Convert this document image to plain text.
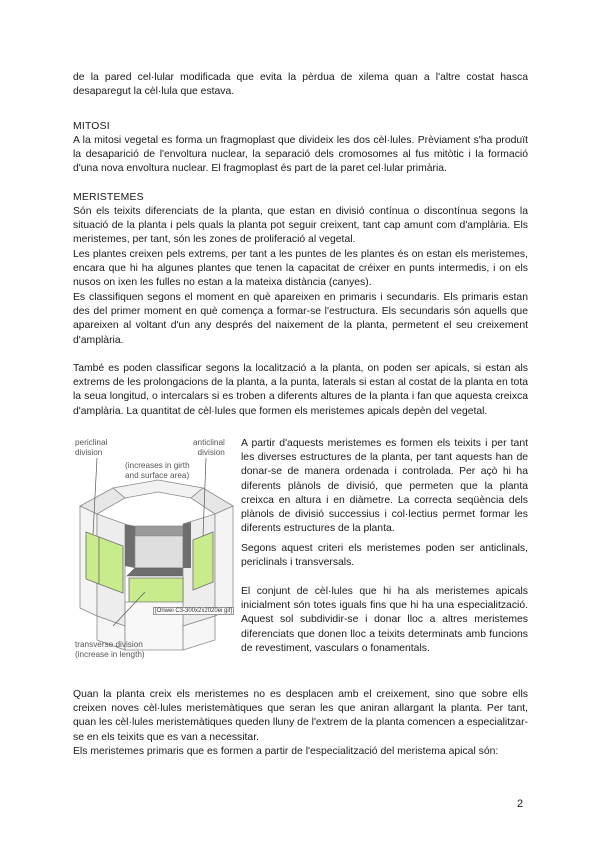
de la pared cel·lular modificada que evita la pèrdua de xilema quan a l'altre costat hasca desaparegut la cèl·lula que estava.

MITOSI

A la mitosi vegetal es forma un fragmoplast que divideix les dos cèl·lules. Prèviament s'ha produït la desaparició de l'envoltura nuclear, la separació dels cromosomes al fus mitòtic i la formació d'una nova envoltura nuclear. El fragmoplast és part de la paret cel·lular primària.

MERISTEMES

Són els teixits diferenciats de la planta, que estan en divisió contínua o discontínua segons la situació de la planta i pels quals la planta pot seguir creixent, tant cap amunt com d'amplària. Els meristemes, per tant, són les zones de proliferació al vegetal.

Les plantes creixen pels extrems, per tant a les puntes de les plantes és on estan els meristemes, encara que hi ha algunes plantes que tenen la capacitat de créixer en punts intermedis, i on els nusos on ixen les fulles no estan a la mateixa distància (canyes).

Es classifiquen segons el moment en què apareixen en primaris i secundaris. Els primaris estan des del primer moment en què comença a formar-se l'estructura. Els secundaris són aquells que apareixen al voltant d'un any després del naixement de la planta, permetent el seu creixement d'amplària.

També es poden classificar segons la localització a la planta, on poden ser apicals, si estan als extrems de les prolongacions de la planta, a la punta, laterals si estan al costat de la planta en tota la seua longitud, o intercalars si es troben a diferents altures de la planta i fan que aquesta creixca d'amplària. La quantitat de cèl·lules que formen els meristemes apicals depèn del vegetal.

periclinal
division

anticlinal
division

(increases in girth
and surface area)

transverse division
(increase in length)

[Onwei C3-300x2x2020ei gif]

A partir d'aquests meristemes es formen els teixits i per tant les diverses estructures de la planta, per tant aquests han de donar-se de manera ordenada i controlada. Per açò hi ha diferents plànols de divisió, que permeten que la planta creixca en altura i en diàmetre. La correcta seqüència dels plànols de divisió successius i col·lectius permet formar les diferents estructures de la planta.

Segons aquest criteri els meristemes poden ser anticlinals, periclinals i transversals.

El conjunt de cèl·lules que hi ha als meristemes apicals inicialment són totes iguals fins que hi ha una especialització. Aquest sol subdividir-se i donar lloc a altres meristemes diferenciats que donen lloc a teixits determinats amb funcions de revestiment, vasculars o fonamentals.

Quan la planta creix els meristemes no es desplacen amb el creixement, sino que sobre ells creixen noves cèl·lules meristemàtiques que seran les que aniran allargant la planta. Per tant, quan les cèl·lules meristemàtiques queden lluny de l'extrem de la planta comencen a especialitzar-se en els teixits que es van a necessitar.

Els meristemes primaris que es formen a partir de l'especialització del meristema apical són:

2
